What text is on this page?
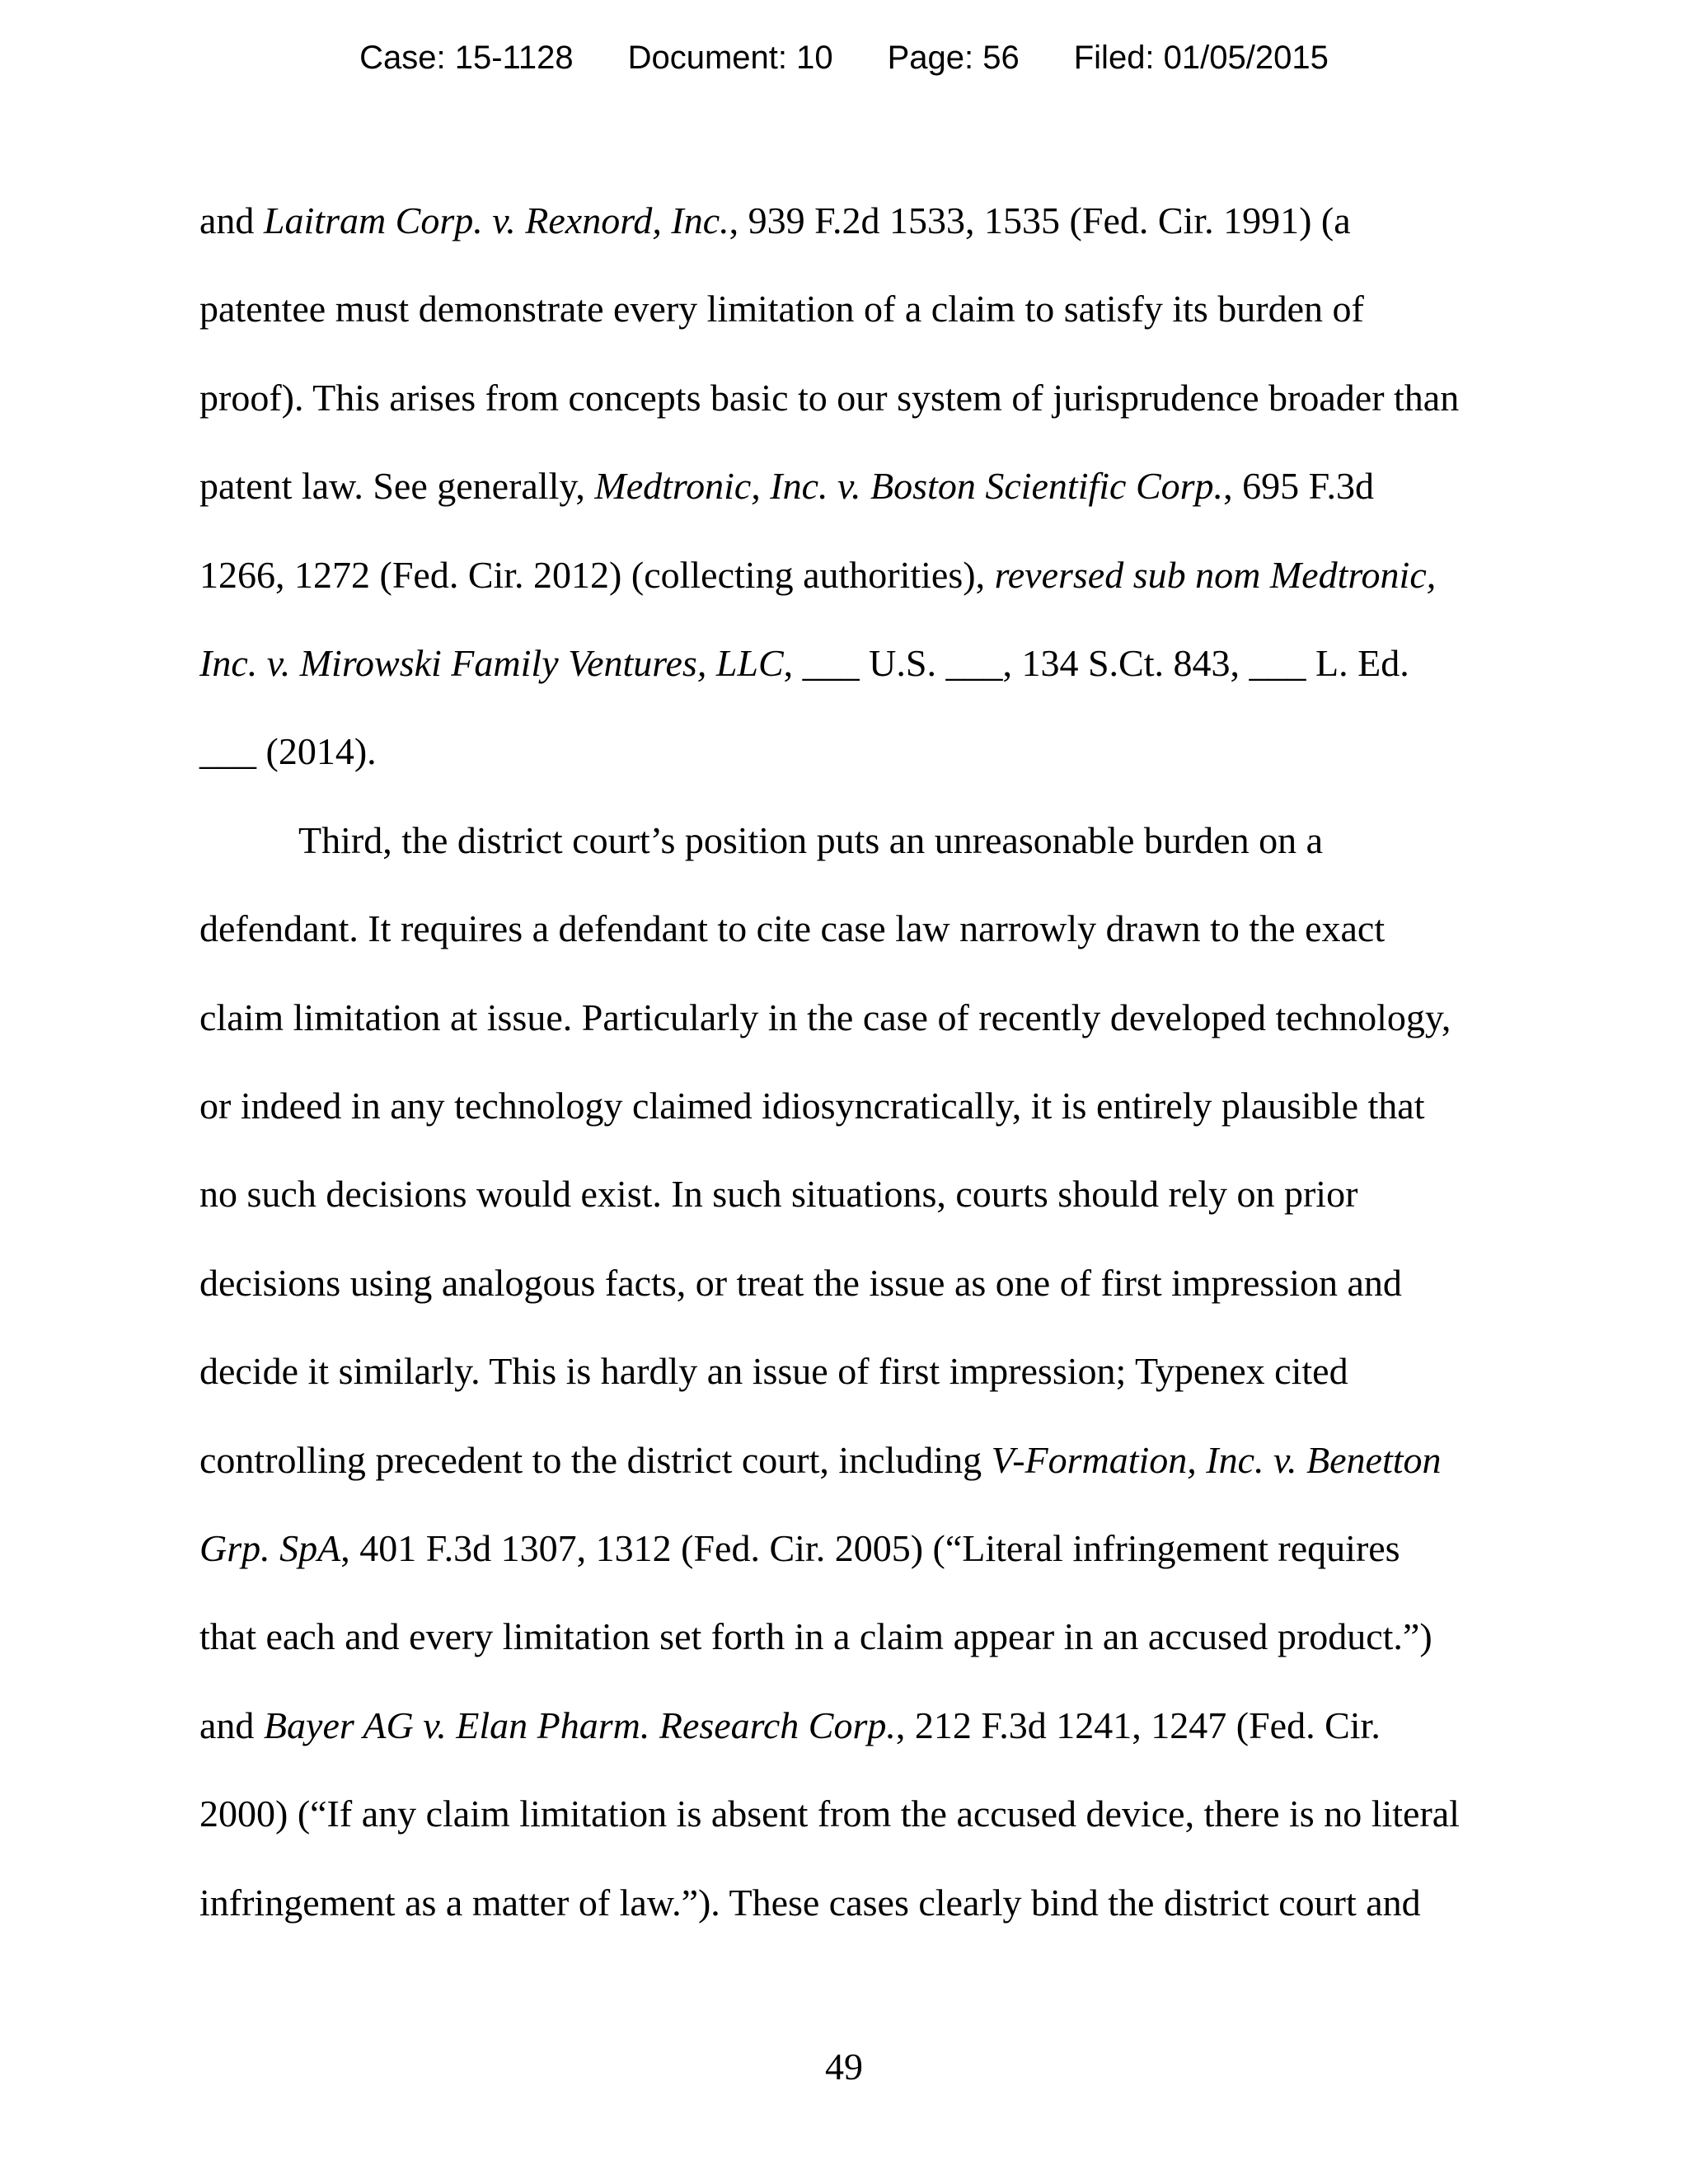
Case: 15-1128 Document: 10 Page: 56 Filed: 01/05/2015
and Laitram Corp. v. Rexnord, Inc., 939 F.2d 1533, 1535 (Fed. Cir. 1991) (a
patentee must demonstrate every limitation of a claim to satisfy its burden of
proof). This arises from concepts basic to our system of jurisprudence broader than
patent law. See generally, Medtronic, Inc. v. Boston Scientific Corp., 695 F.3d
1266, 1272 (Fed. Cir. 2012) (collecting authorities), reversed sub nom Medtronic,
Inc. v. Mirowski Family Ventures, LLC, ___ U.S. ___, 134 S.Ct. 843, ___ L. Ed.
___ (2014).
Third, the district court’s position puts an unreasonable burden on a
defendant. It requires a defendant to cite case law narrowly drawn to the exact
claim limitation at issue. Particularly in the case of recently developed technology,
or indeed in any technology claimed idiosyncratically, it is entirely plausible that
no such decisions would exist. In such situations, courts should rely on prior
decisions using analogous facts, or treat the issue as one of first impression and
decide it similarly. This is hardly an issue of first impression; Typenex cited
controlling precedent to the district court, including V-Formation, Inc. v. Benetton
Grp. SpA, 401 F.3d 1307, 1312 (Fed. Cir. 2005) (“Literal infringement requires
that each and every limitation set forth in a claim appear in an accused product.”)
and Bayer AG v. Elan Pharm. Research Corp., 212 F.3d 1241, 1247 (Fed. Cir.
2000) (“If any claim limitation is absent from the accused device, there is no literal
infringement as a matter of law.”). These cases clearly bind the district court and
49
